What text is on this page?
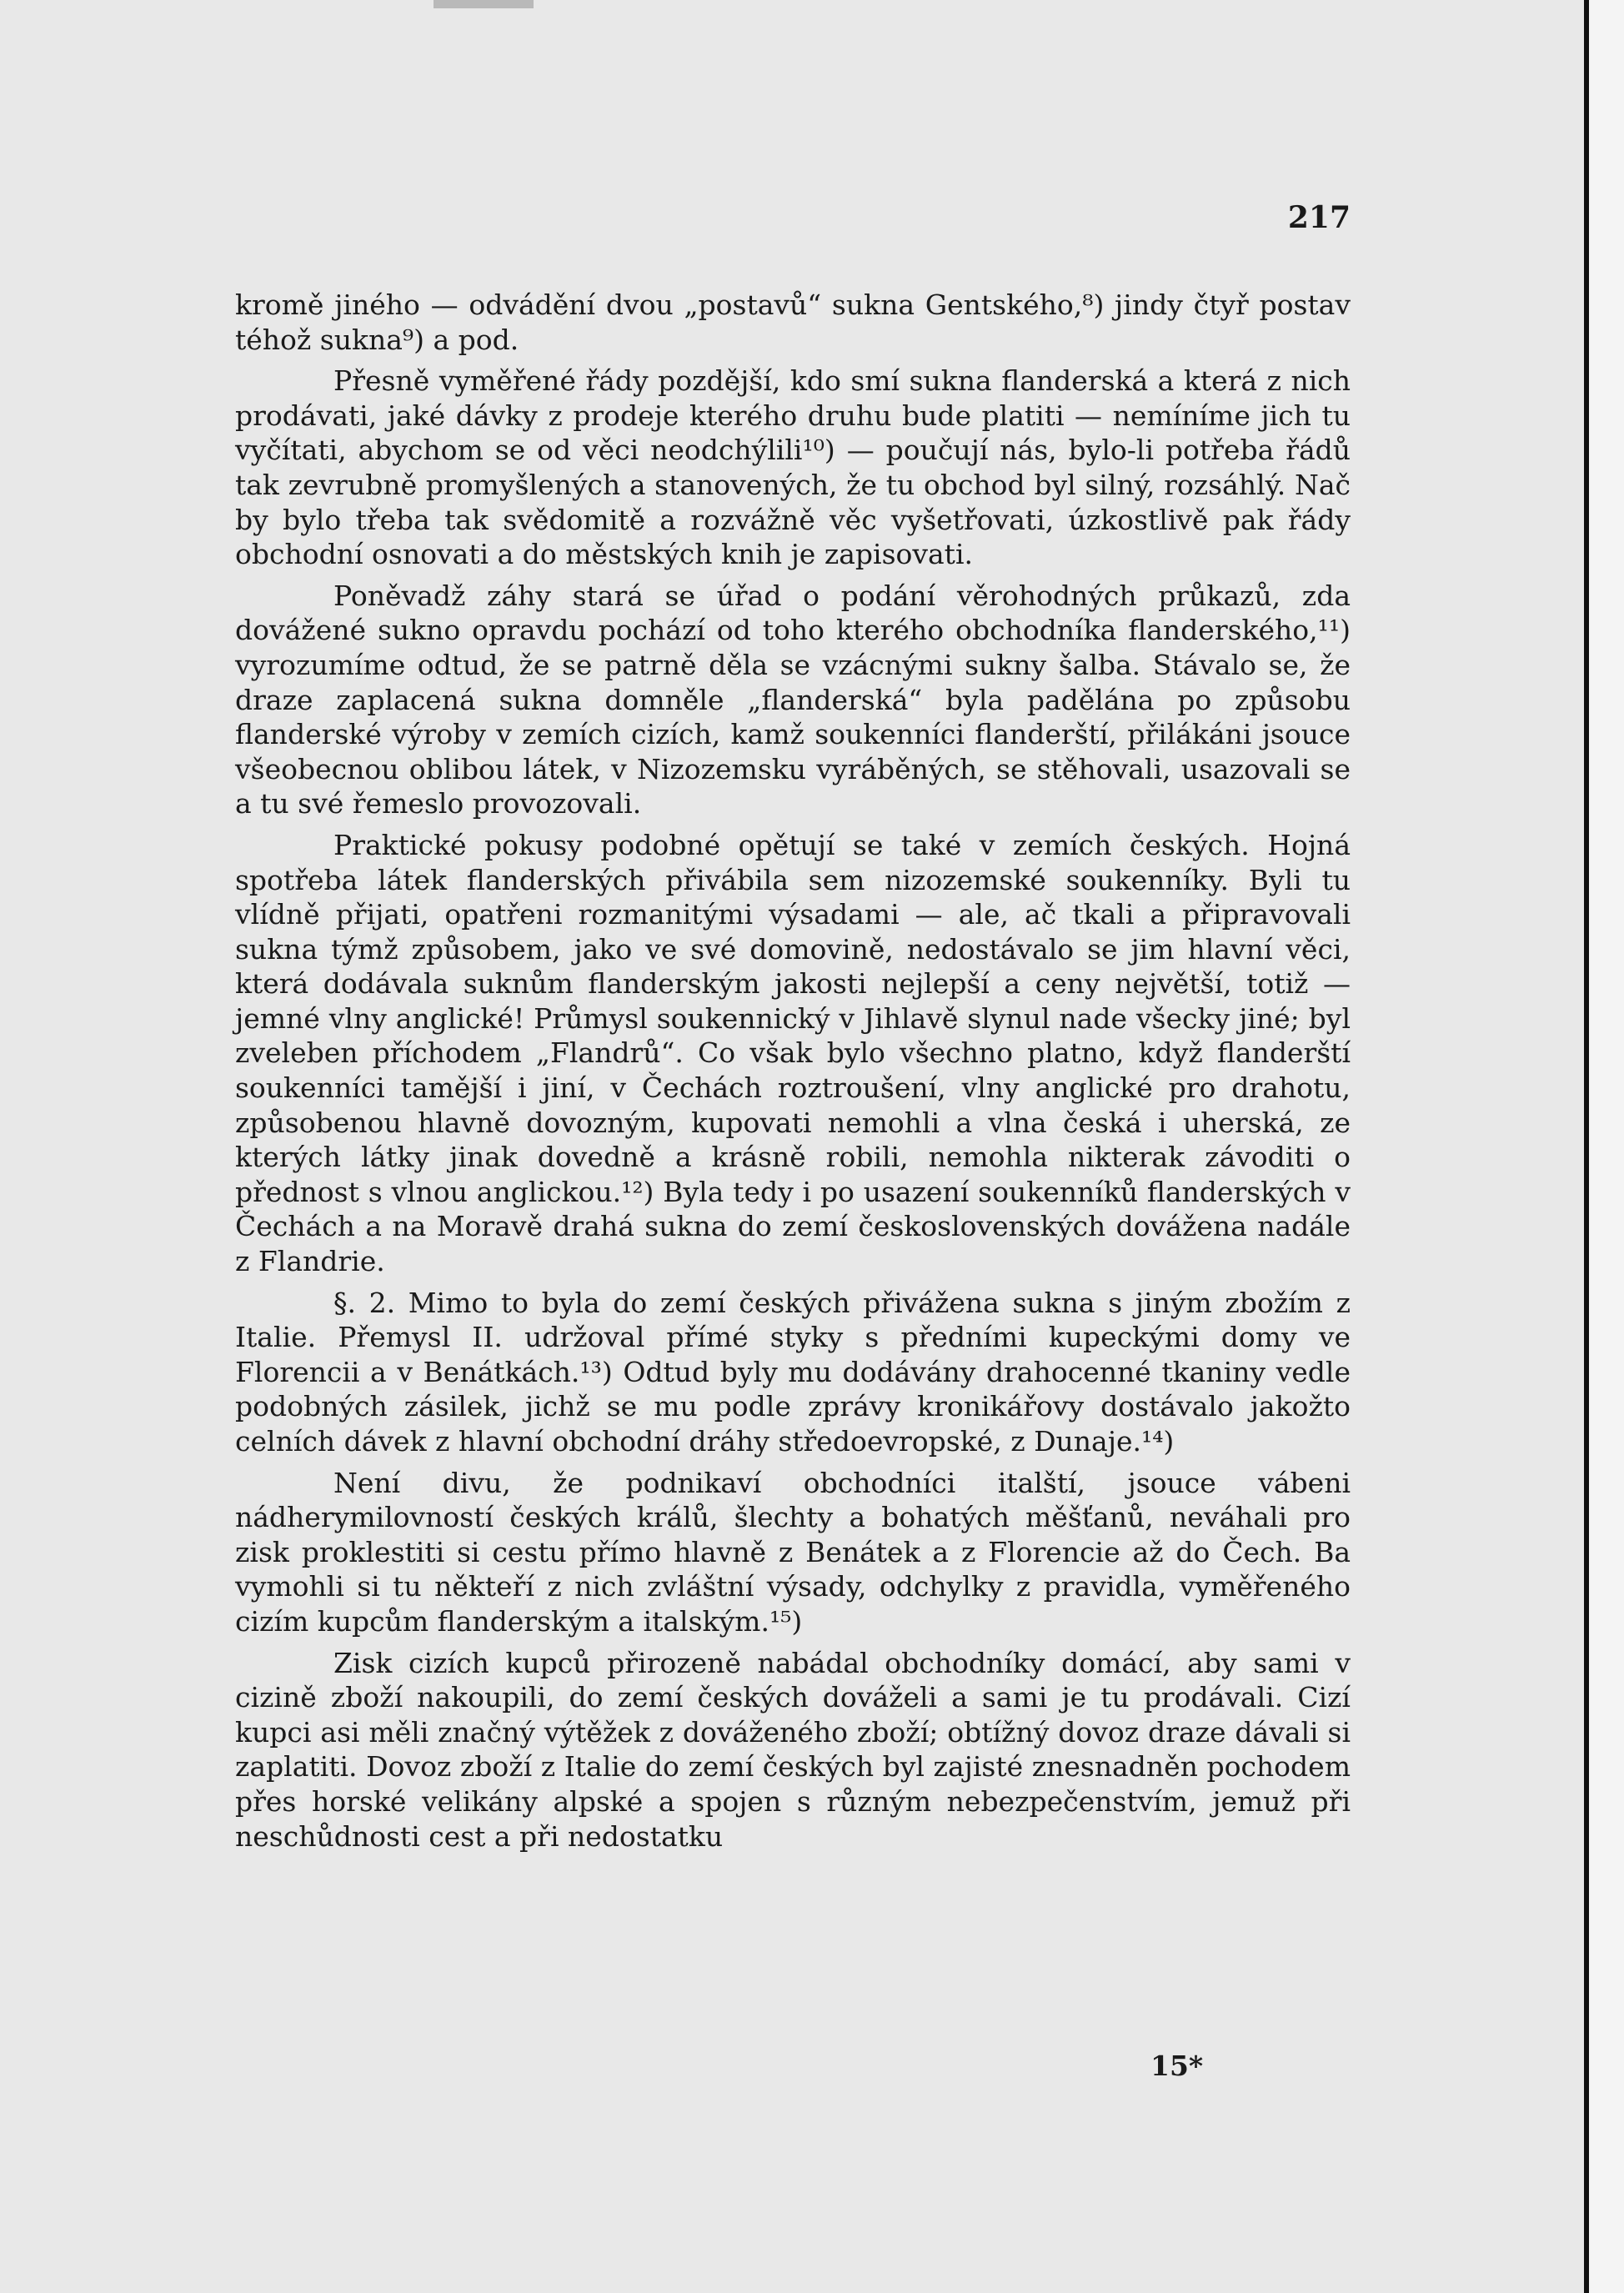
217

kromě jiného — odvádění dvou „postavů“ sukna Gentského,⁸) jindy čtyř postav téhož sukna⁹) a pod.

Přesně vyměřené řády pozdější, kdo smí sukna flanderská a která z nich prodávati, jaké dávky z prodeje kterého druhu bude platiti — nemíníme jich tu vyčítati, abychom se od věci neodchýlili¹⁰) — poučují nás, bylo-li potřeba řádů tak zevrubně promyšlených a stanovených, že tu obchod byl silný, rozsáhlý. Nač by bylo třeba tak svědomitě a rozvážně věc vyšetřovati, úzkostlivě pak řády obchodní osnovati a do městských knih je zapisovati.

Poněvadž záhy stará se úřad o podání věrohodných průkazů, zda dovážené sukno opravdu pochází od toho kterého obchodníka flanderského,¹¹) vyrozumíme odtud, že se patrně děla se vzácnými sukny šalba. Stávalo se, že draze zaplacená sukna domněle „flanderská“ byla padělána po způsobu flanderské výroby v zemích cizích, kamž soukenníci flanderští, přilákáni jsouce všeobecnou oblibou látek, v Nizozemsku vyráběných, se stěhovali, usazovali se a tu své řemeslo provozovali.

Praktické pokusy podobné opětují se také v zemích českých. Hojná spotřeba látek flanderských přivábila sem nizozemské soukenníky. Byli tu vlídně přijati, opatřeni rozmanitými výsadami — ale, ač tkali a připravovali sukna týmž způsobem, jako ve své domovině, nedostávalo se jim hlavní věci, která dodávala suknům flanderským jakosti nejlepší a ceny největší, totiž — jemné vlny anglické! Průmysl soukennický v Jihlavě slynul nade všecky jiné; byl zveleben příchodem „Flandrů“. Co však bylo všechno platno, když flanderští soukenníci tamější i jiní, v Čechách roztroušení, vlny anglické pro drahotu, způsobenou hlavně dovozným, kupovati nemohli a vlna česká i uherská, ze kterých látky jinak dovedně a krásně robili, nemohla nikterak závoditi o přednost s vlnou anglickou.¹²) Byla tedy i po usazení soukenníků flanderských v Čechách a na Moravě drahá sukna do zemí československých dovážena nadále z Flandrie.

§. 2. Mimo to byla do zemí českých přivážena sukna s jiným zbožím z Italie. Přemysl II. udržoval přímé styky s předními kupeckými domy ve Florencii a v Benátkách.¹³) Odtud byly mu dodávány drahocenné tkaniny vedle podobných zásilek, jichž se mu podle zprávy kronikářovy dostávalo jakožto celních dávek z hlavní obchodní dráhy středoevropské, z Dunaje.¹⁴)

Není divu, že podnikaví obchodníci italští, jsouce vábeni nádherymilovností českých králů, šlechty a bohatých měšťanů, neváhali pro zisk proklestiti si cestu přímo hlavně z Benátek a z Florencie až do Čech. Ba vymohli si tu někteří z nich zvláštní výsady, odchylky z pravidla, vyměřeného cizím kupcům flanderským a italským.¹⁵)

Zisk cizích kupců přirozeně nabádal obchodníky domácí, aby sami v cizině zboží nakoupili, do zemí českých dováželi a sami je tu prodávali. Cizí kupci asi měli značný výtěžek z dováženého zboží; obtížný dovoz draze dávali si zaplatiti. Dovoz zboží z Italie do zemí českých byl zajisté znesnadněn pochodem přes horské velikány alpské a spojen s různým nebezpečenstvím, jemuž při neschůdnosti cest a při nedostatku

15*
